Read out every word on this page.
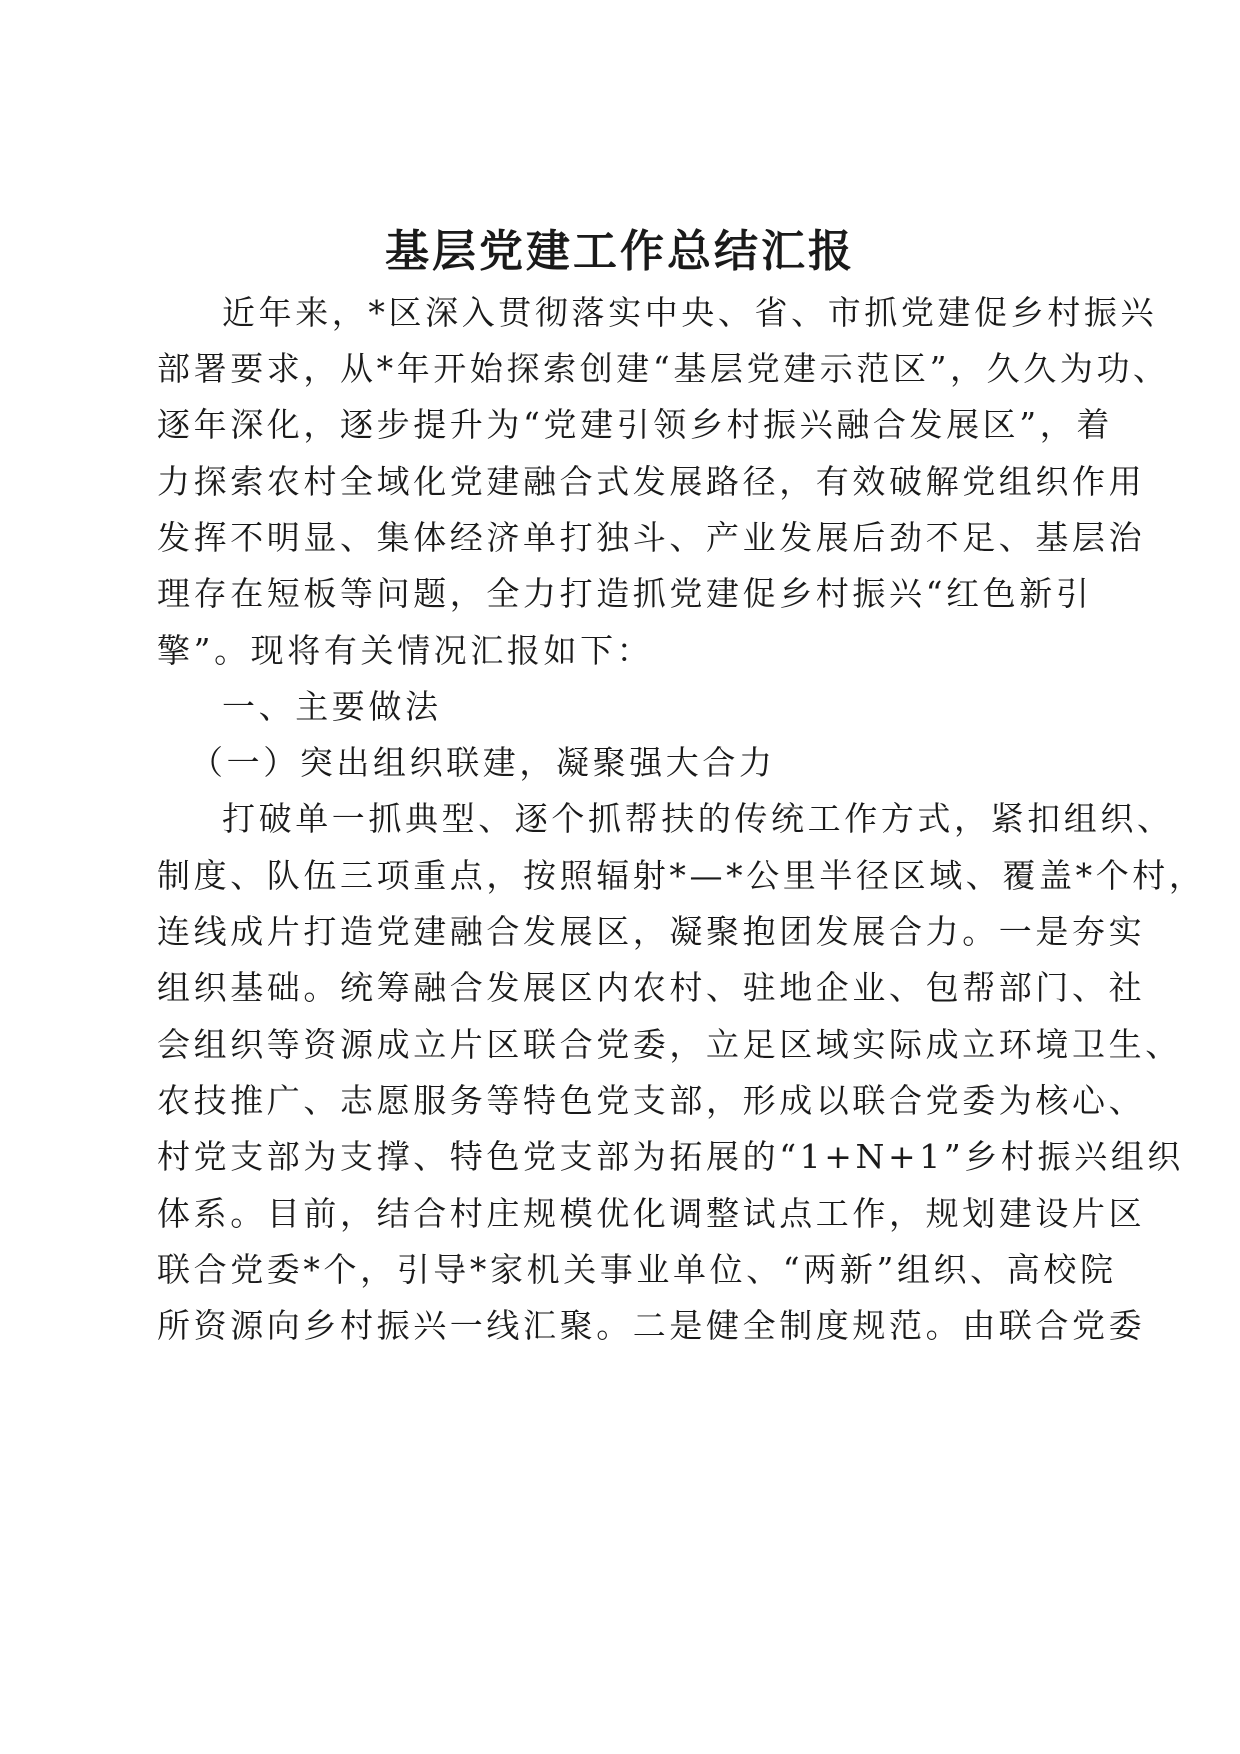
基层党建工作总结汇报
近年来，*区深入贯彻落实中央、省、市抓党建促乡村振兴
部署要求，从*年开始探索创建“基层党建示范区”，久久为功、
逐年深化，逐步提升为“党建引领乡村振兴融合发展区”，着
力探索农村全域化党建融合式发展路径，有效破解党组织作用
发挥不明显、集体经济单打独斗、产业发展后劲不足、基层治
理存在短板等问题，全力打造抓党建促乡村振兴“红色新引
擎”。现将有关情况汇报如下：
一、主要做法
（一）突出组织联建，凝聚强大合力
打破单一抓典型、逐个抓帮扶的传统工作方式，紧扣组织、
制度、队伍三项重点，按照辐射*—*公里半径区域、覆盖*个村，
连线成片打造党建融合发展区，凝聚抱团发展合力。一是夯实
组织基础。统筹融合发展区内农村、驻地企业、包帮部门、社
会组织等资源成立片区联合党委，立足区域实际成立环境卫生、
农技推广、志愿服务等特色党支部，形成以联合党委为核心、
村党支部为支撑、特色党支部为拓展的“1+N+1”乡村振兴组织
体系。目前，结合村庄规模优化调整试点工作，规划建设片区
联合党委*个，引导*家机关事业单位、“两新”组织、高校院
所资源向乡村振兴一线汇聚。二是健全制度规范。由联合党委
